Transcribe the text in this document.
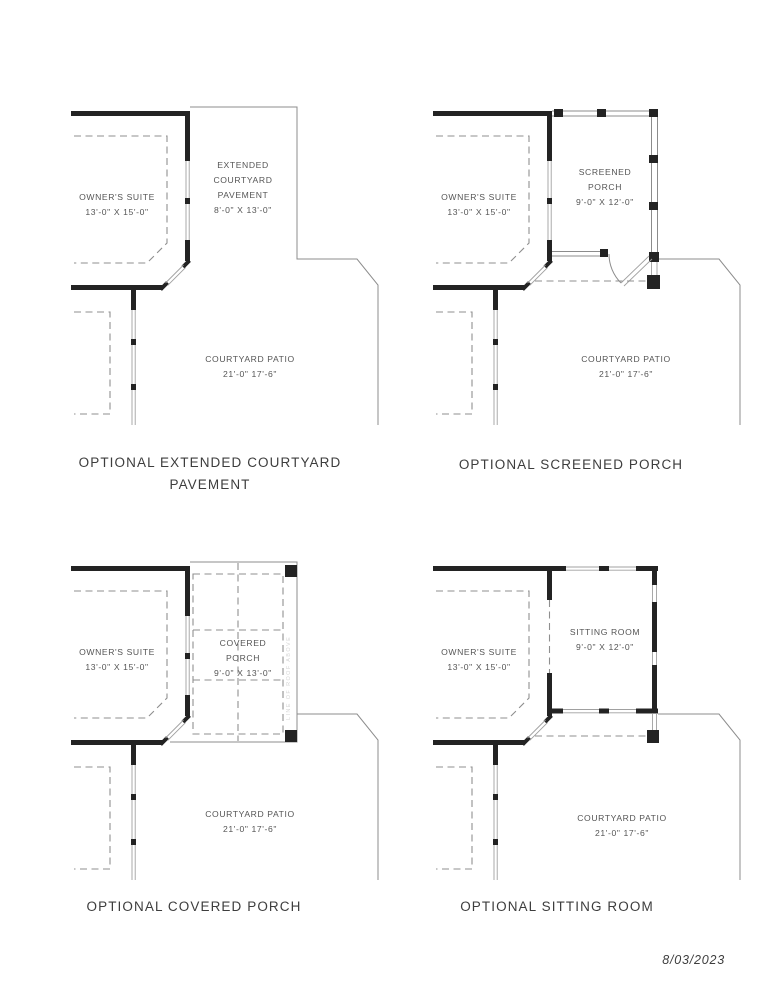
OWNER'S SUITE
13'-0" X 15'-0"
EXTENDED
COURTYARD
PAVEMENT
8'-0" X 13'-0"
COURTYARD PATIO
21'-0" 17'-6"
OWNER'S SUITE
13'-0" X 15'-0"
SCREENED
PORCH
9'-0" X 12'-0"
COURTYARD PATIO
21'-0" 17'-6"
LINE OF ROOF ABOVE
OWNER'S SUITE
13'-0" X 15'-0"
COVERED
PORCH
9'-0" X 13'-0"
COURTYARD PATIO
21'-0" 17'-6"
OWNER'S SUITE
13'-0" X 15'-0"
SITTING ROOM
9'-0" X 12'-0"
COURTYARD PATIO
21'-0" 17'-6"
OPTIONAL EXTENDED COURTYARD
PAVEMENT
OPTIONAL SCREENED PORCH
OPTIONAL COVERED PORCH	OPTIONAL SITTING ROOM
8/03/2023
